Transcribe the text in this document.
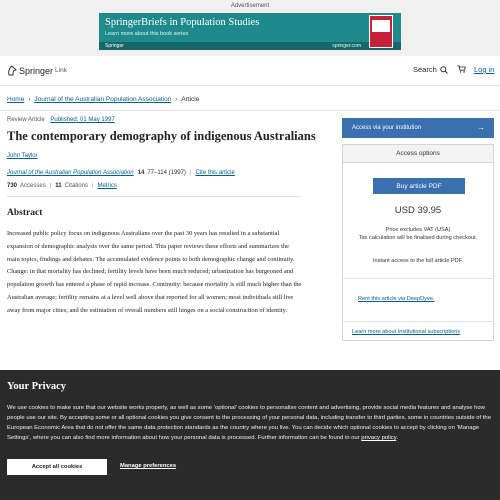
Advertisement
SpringerBriefs in Population Studies
Learn more about this book series
Springer	springer.com
Springer Link	Search	Log in
Home › Journal of the Australian Population Association › Article
Review Article Published: 01 May 1997
The contemporary demography of indigenous Australians
John Taylor
Journal of the Australian Population Association 14 77–114 (1997) | Cite this article
730 Accesses | 11 Citations | Metrics
Abstract

Increased public policy focus on indigenous Australians over the past 30 years has resulted in a substantial expansion of demographic analysis over the same period. This paper reviews these efforts and summarizes the main topics, findings and debates. The accumulated evidence points to both demographic change and continuity. Change: in that mortality has declined; fertility levels have been much reduced; urbanization has burgeoned and population growth has entered a phase of rapid increase. Continuity: because mortality is still much higher than the Australian average; fertility remains at a level well above that reported for all women; most individuals still live away from major cities; and the estimation of overall numbers still hinges on a social construction of identity.

Access via your institution	→
Access options
Buy article PDF
USD 39.95
Price excludes VAT (USA)
Tax calculation will be finalised during checkout.
Instant access to the full article PDF.
Rent this article via DeepDyve.
Learn more about Institutional subscriptions
Your Privacy

We use cookies to make sure that our website works properly, as well as some ‘optional’ cookies to personalise content and advertising, provide social media features and analyse how people use our site. By accepting some or all optional cookies you give consent to the processing of your personal data, including transfer to third parties, some in countries outside of the European Economic Area that do not offer the same data protection standards as the country where you live. You can decide which optional cookies to accept by clicking on ‘Manage Settings’, where you can also find more information about how your personal data is processed. Further information can be found in our privacy policy.

Accept all cookies	Manage preferences
